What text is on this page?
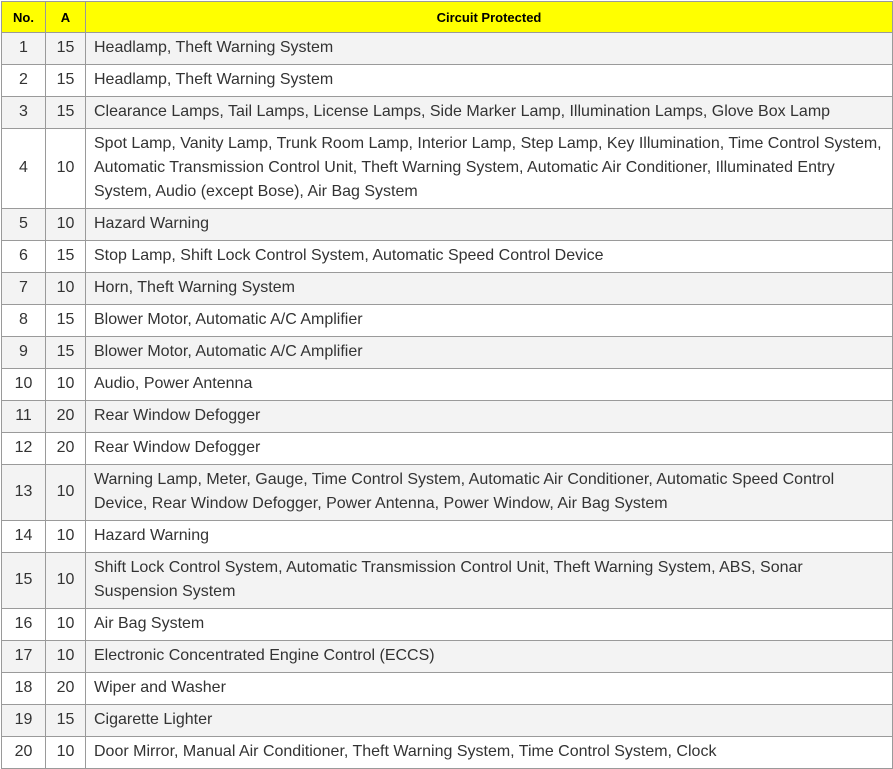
No.	A	Circuit Protected
1	15	Headlamp, Theft Warning System
2	15	Headlamp, Theft Warning System
3	15	Clearance Lamps, Tail Lamps, License Lamps, Side Marker Lamp, Illumination Lamps, Glove Box Lamp
4	10	Spot Lamp, Vanity Lamp, Trunk Room Lamp, Interior Lamp, Step Lamp, Key Illumination, Time Control System, Automatic Transmission Control Unit, Theft Warning System, Automatic Air Conditioner, Illuminated Entry System, Audio (except Bose), Air Bag System
5	10	Hazard Warning
6	15	Stop Lamp, Shift Lock Control System, Automatic Speed Control Device
7	10	Horn, Theft Warning System
8	15	Blower Motor, Automatic A/C Amplifier
9	15	Blower Motor, Automatic A/C Amplifier
10	10	Audio, Power Antenna
11	20	Rear Window Defogger
12	20	Rear Window Defogger
13	10	Warning Lamp, Meter, Gauge, Time Control System, Automatic Air Conditioner, Automatic Speed Control Device, Rear Window Defogger, Power Antenna, Power Window, Air Bag System
14	10	Hazard Warning
15	10	Shift Lock Control System, Automatic Transmission Control Unit, Theft Warning System, ABS, Sonar Suspension System
16	10	Air Bag System
17	10	Electronic Concentrated Engine Control (ECCS)
18	20	Wiper and Washer
19	15	Cigarette Lighter
20	10	Door Mirror, Manual Air Conditioner, Theft Warning System, Time Control System, Clock
